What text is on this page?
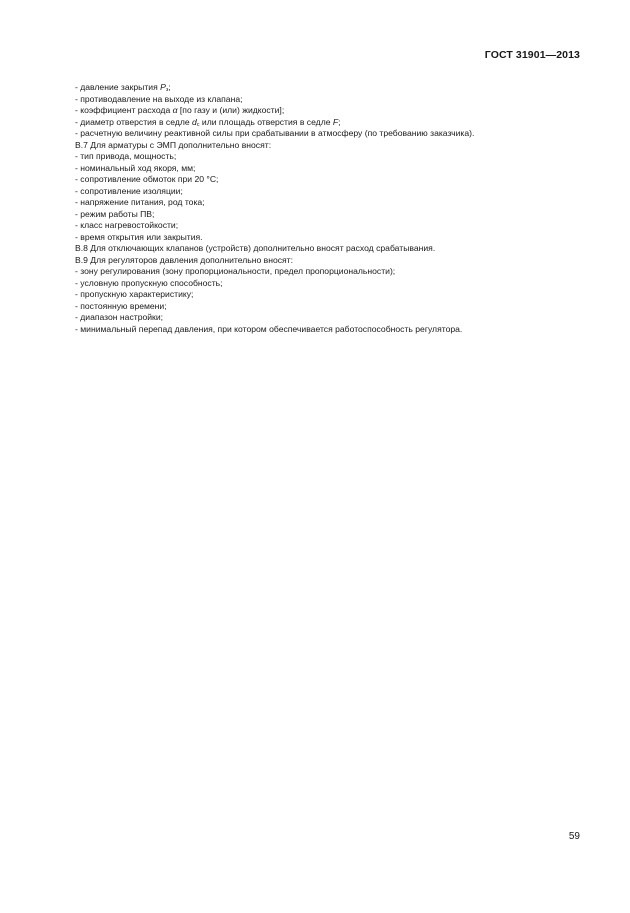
ГОСТ 31901—2013
- давление закрытия $P_з$;
- противодавление на выходе из клапана;
- коэффициент расхода α [по газу и (или) жидкости];
- диаметр отверстия в седле $d_с$ или площадь отверстия в седле F;
- расчетную величину реактивной силы при срабатывании в атмосферу (по требованию заказчика).
В.7 Для арматуры с ЭМП дополнительно вносят:
- тип привода, мощность;
- номинальный ход якоря, мм;
- сопротивление обмоток при 20 °С;
- сопротивление изоляции;
- напряжение питания, род тока;
- режим работы ПВ;
- класс нагревостойкости;
- время открытия или закрытия.
В.8 Для отключающих клапанов (устройств) дополнительно вносят расход срабатывания.
В.9 Для регуляторов давления дополнительно вносят:
- зону регулирования (зону пропорциональности, предел пропорциональности);
- условную пропускную способность;
- пропускную характеристику;
- постоянную времени;
- диапазон настройки;
- минимальный перепад давления, при котором обеспечивается работоспособность регулятора.
59
